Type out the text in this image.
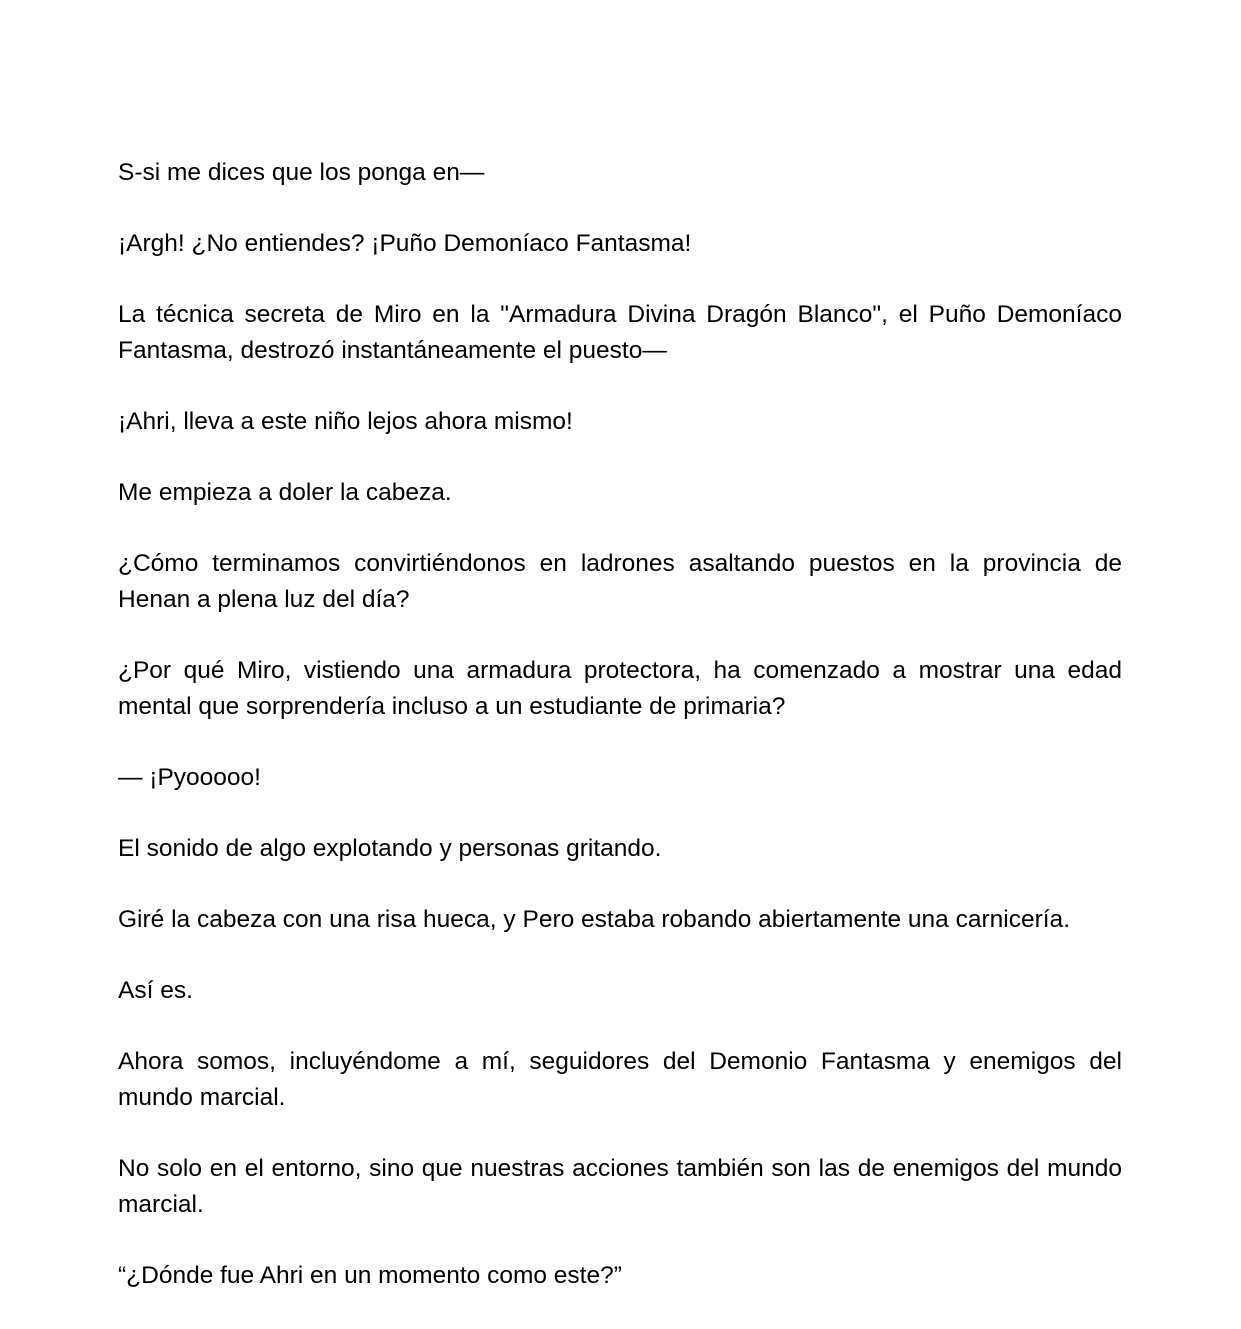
S-si me dices que los ponga en—

¡Argh! ¿No entiendes? ¡Puño Demoníaco Fantasma!

La técnica secreta de Miro en la "Armadura Divina Dragón Blanco", el Puño Demoníaco Fantasma, destrozó instantáneamente el puesto—

¡Ahri, lleva a este niño lejos ahora mismo!

Me empieza a doler la cabeza.

¿Cómo terminamos convirtiéndonos en ladrones asaltando puestos en la provincia de Henan a plena luz del día?

¿Por qué Miro, vistiendo una armadura protectora, ha comenzado a mostrar una edad mental que sorprendería incluso a un estudiante de primaria?

— ¡Pyooooo!

El sonido de algo explotando y personas gritando.

Giré la cabeza con una risa hueca, y Pero estaba robando abiertamente una carnicería.

Así es.

Ahora somos, incluyéndome a mí, seguidores del Demonio Fantasma y enemigos del mundo marcial.

No solo en el entorno, sino que nuestras acciones también son las de enemigos del mundo marcial.

“¿Dónde fue Ahri en un momento como este?”
